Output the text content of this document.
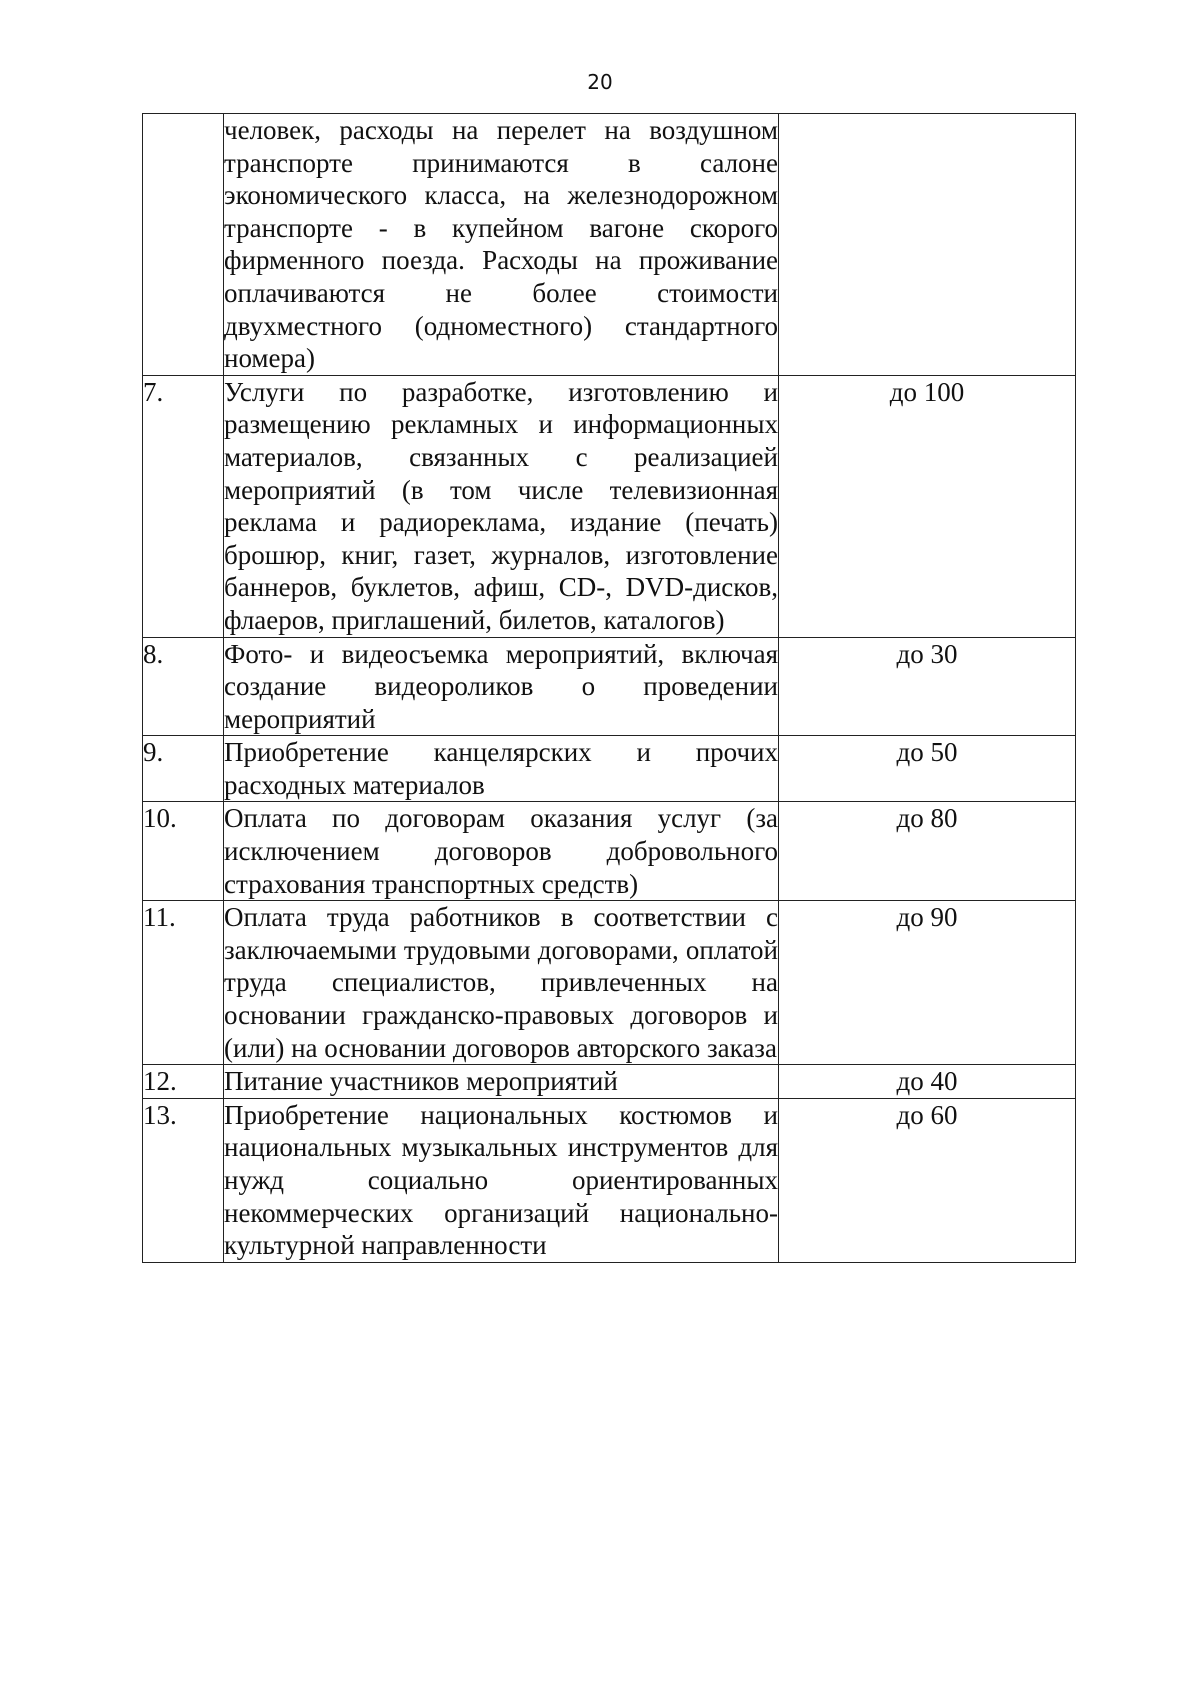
20

	человек, расходы на перелет на воздушном транспорте принимаются в салоне экономического класса, на железнодорожном транспорте - в купейном вагоне скорого фирменного поезда. Расходы на проживание оплачиваются не более стоимости двухместного (одноместного) стандартного номера)	

7.	Услуги по разработке, изготовлению и размещению рекламных и информационных материалов, связанных с реализацией мероприятий (в том числе телевизионная реклама и радиореклама, издание (печать) брошюр, книг, газет, журналов, изготовление баннеров, буклетов, афиш, CD-, DVD-дисков, флаеров, приглашений, билетов, каталогов)	до 100
8.	Фото- и видеосъемка мероприятий, включая создание видеороликов о проведении мероприятий	до 30
9.	Приобретение канцелярских и прочих расходных материалов	до 50
10.	Оплата по договорам оказания услуг (за исключением договоров добровольного страхования транспортных средств)	до 80
11.	Оплата труда работников в соответствии с заключаемыми трудовыми договорами, оплатой труда специалистов, привлеченных на основании гражданско-правовых договоров и (или) на основании договоров авторского заказа	до 90
12.	Питание участников мероприятий	до 40
13.	Приобретение национальных костюмов и национальных музыкальных инструментов для нужд социально ориентированных некоммерческих организаций национально-культурной направленности	до 60
